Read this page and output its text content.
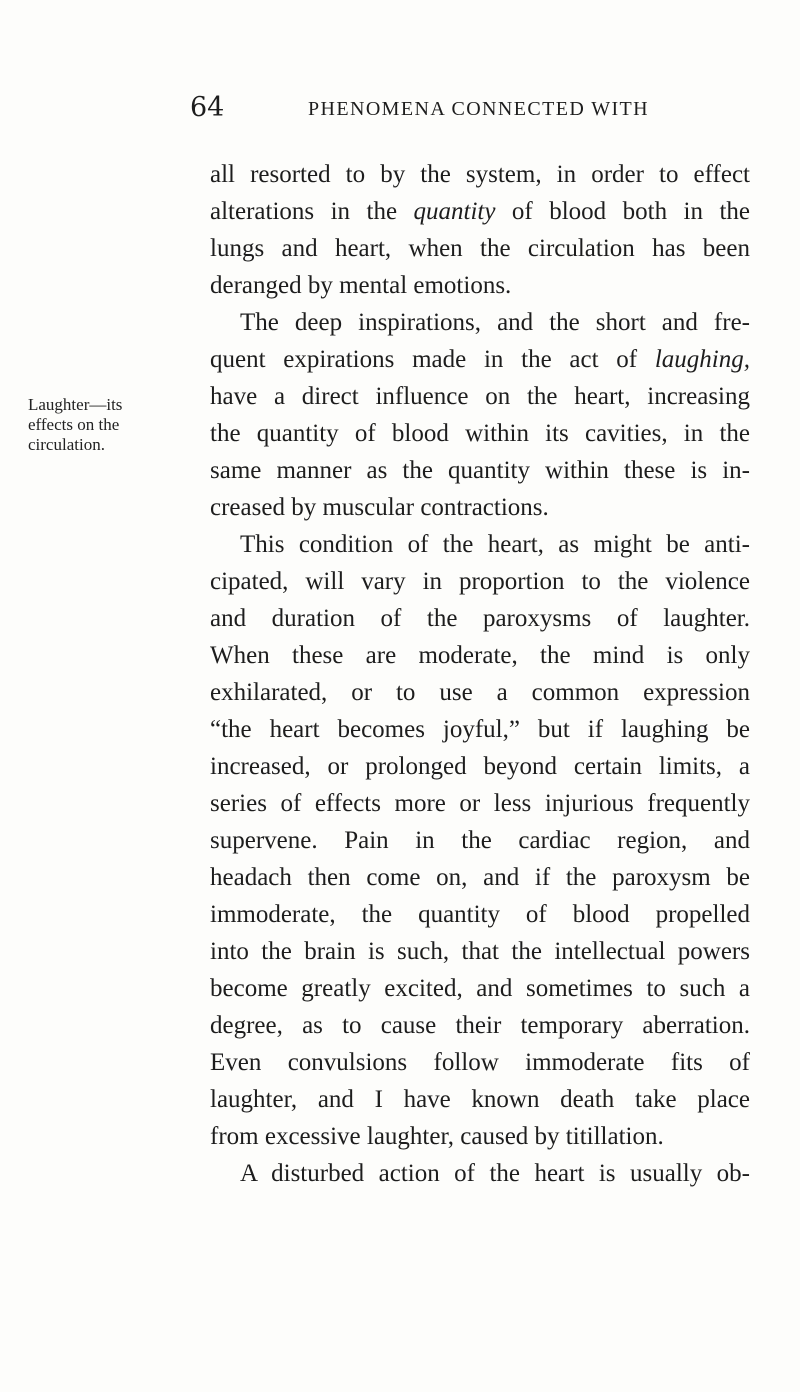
64	PHENOMENA CONNECTED WITH
Laughter—its
effects on the
circulation.
all resorted to by the system, in order to effect
alterations in the quantity of blood both in the
lungs and heart, when the circulation has been
deranged by mental emotions.
The deep inspirations, and the short and fre-
quent expirations made in the act of laughing,
have a direct influence on the heart, increasing
the quantity of blood within its cavities, in the
same manner as the quantity within these is in-
creased by muscular contractions.
This condition of the heart, as might be anti-
cipated, will vary in proportion to the violence
and duration of the paroxysms of laughter.
When these are moderate, the mind is only
exhilarated, or to use a common expression
“the heart becomes joyful,” but if laughing be
increased, or prolonged beyond certain limits, a
series of effects more or less injurious frequently
supervene. Pain in the cardiac region, and
headach then come on, and if the paroxysm be
immoderate, the quantity of blood propelled
into the brain is such, that the intellectual powers
become greatly excited, and sometimes to such a
degree, as to cause their temporary aberration.
Even convulsions follow immoderate fits of
laughter, and I have known death take place
from excessive laughter, caused by titillation.
A disturbed action of the heart is usually ob-
